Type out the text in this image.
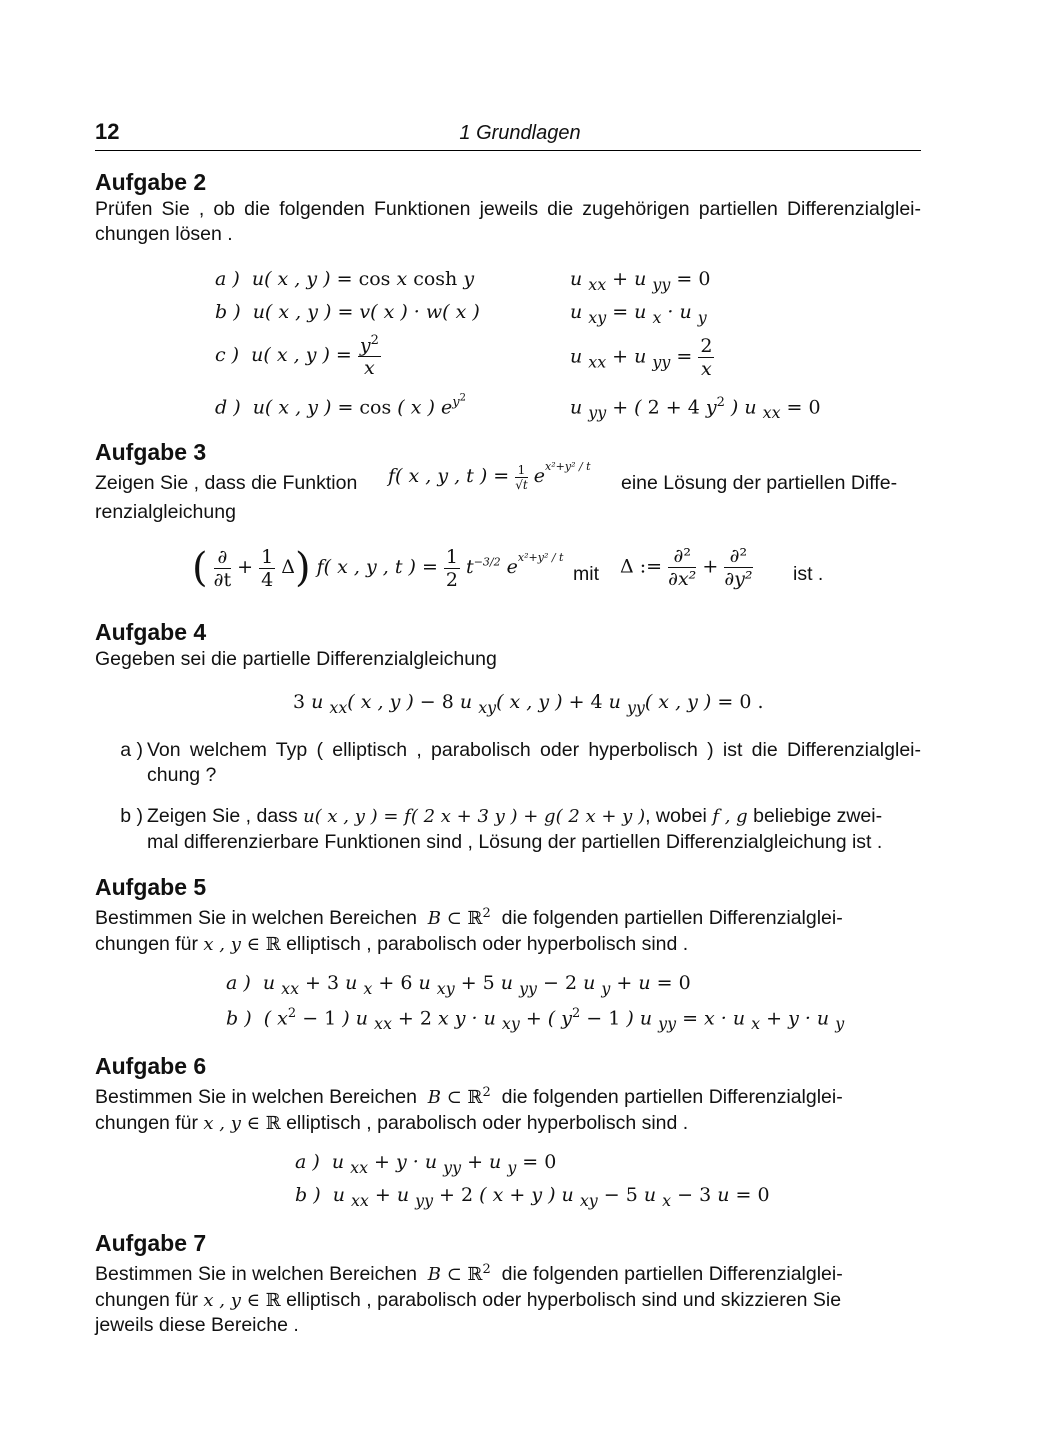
12	1 Grundlagen
Aufgabe 2
Prüfen Sie , ob die folgenden Funktionen jeweils die zugehörigen partiellen Differenzialglei- chungen lösen .
a )  u( x , y ) = cos x cosh y	u $_{xx}$ + u $_{yy}$ = 0
b )  u( x , y ) = v( x ) · w( x )	u $_{xy}$ = u $_x$ · u $_y$
c )  u( x , y ) = $\frac{y^2}{x}$	u $_{xx}$ + u $_{yy} = \frac{2}{x}$
d )  u( x , y ) = cos ( x ) $e^{y^2}$	u $_{yy}$ + ( 2 + 4 $y^2$ ) u $_{xx}$ = 0
Aufgabe 3
Zeigen Sie , dass die Funktion f( x , y , t ) = $\frac{1}{√t} e^{x^2+y^2 / t}$
eine Lösung der partiellen Diffe-
renzialgleichung
( $\frac{\partial}{\partial t} + \frac{1}{4} \Delta$) f( x , y , t ) = $\frac{1}{2} t^{-3/2}$ $e^{x^2+y^2 / t}$
mit Δ := $\frac{\text{∂²}}{\text{∂x²}} + \frac{\text{∂²}}{\text{∂y²}}$ ist .
Aufgabe 4
Gegeben sei die partielle Differenzialgleichung
3 u $_{xx}$( x , y ) − 8 u $_{xy}$( x , y ) + 4 u $_{yy}$( x , y ) = 0 .
a ) Von welchem Typ ( elliptisch , parabolisch oder hyperbolisch ) ist die Differenzialglei- chung ?
b ) Zeigen Sie , dass u( x , y ) = f( 2 x + 3 y ) + g( 2 x + y ), wobei f , g beliebige zwei-
mal differenzierbare Funktionen sind , Lösung der partiellen Differenzialgleichung ist .
Aufgabe 5
Bestimmen Sie in welchen Bereichen B ⊂ ℝ$^2$ die folgenden partiellen Differenzialglei-
chungen für x , y ∈ ℝ elliptisch , parabolisch oder hyperbolisch sind .
a )  u $_{xx}$ + 3 u $_x$ + 6 u $_{xy}$ + 5 u $_{yy}$ − 2 u $_y$ + u = 0
b )  ( $x^2 - 1$ ) u $_{xx}$ + 2 x y · u $_{xy}$ + ( $y^2 - 1$ ) u $_{yy}$ = x · u $_x$ + y · u $_y$
Aufgabe 6
Bestimmen Sie in welchen Bereichen B ⊂ ℝ$^2$ die folgenden partiellen Differenzialglei-
chungen für x , y ∈ ℝ elliptisch , parabolisch oder hyperbolisch sind .
a )  u $_{xx}$ + y · u $_{yy}$ + u $_y$ = 0
b )  u $_{xx}$ + u $_{yy}$ + 2 ( x + y ) u $_{xy}$ − 5 u $_x$ − 3 u = 0
Aufgabe 7
Bestimmen Sie in welchen Bereichen B ⊂ ℝ$^2$ die folgenden partiellen Differenzialglei-
chungen für x , y ∈ ℝ elliptisch , parabolisch oder hyperbolisch sind und skizzieren Sie
jeweils diese Bereiche .
